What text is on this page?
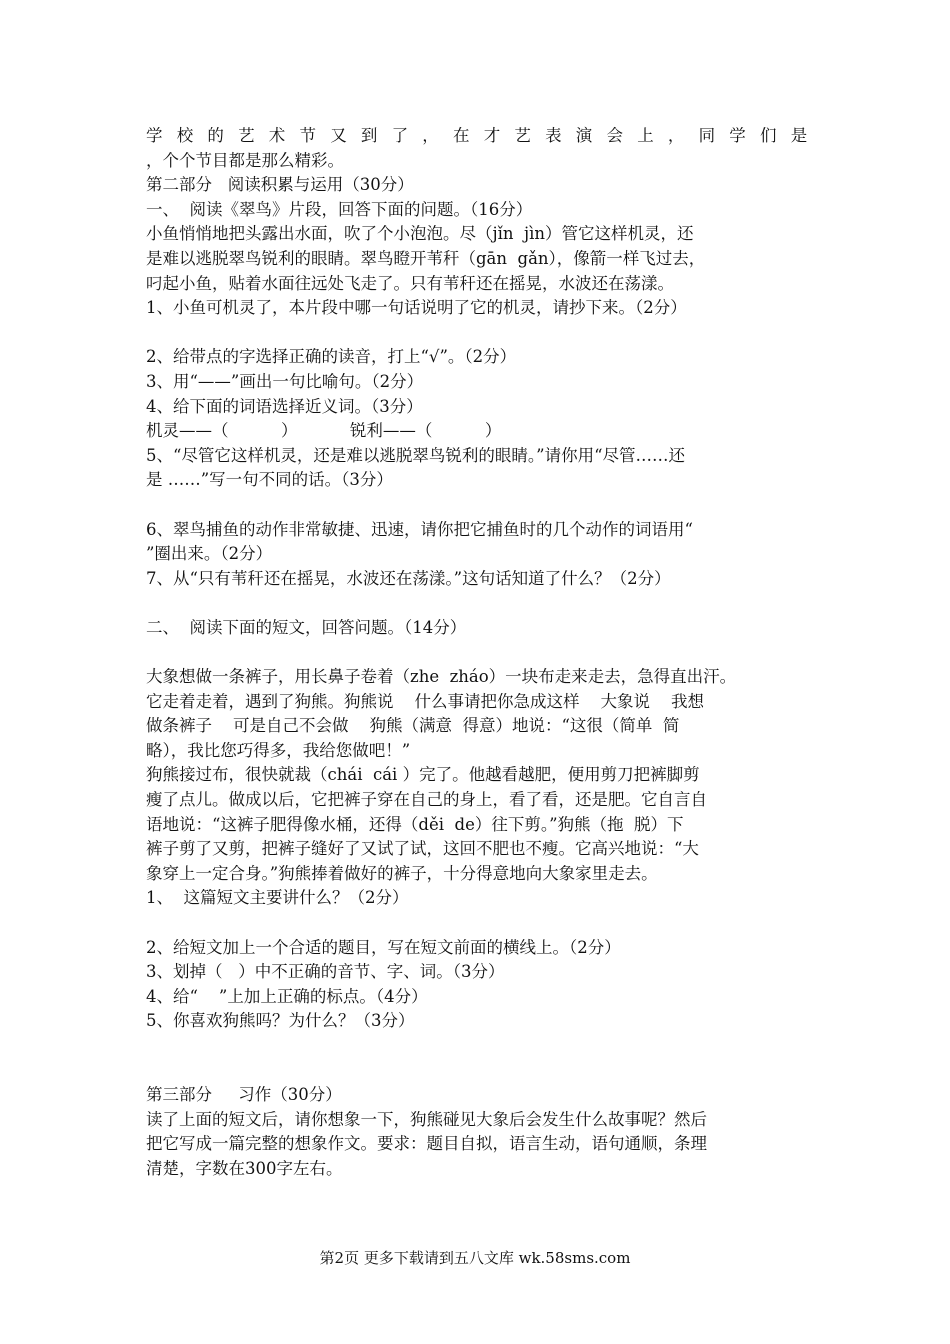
学校的艺术节又到了，在才艺表演会上，同学们是
，个个节目都是那么精彩。
第二部分   阅读积累与运用（30分）
一、  阅读《翠鸟》片段，回答下面的问题。（16分）
小鱼悄悄地把头露出水面，吹了个小泡泡。尽（jǐn  jìn）管它这样机灵，还
是难以逃脱翠鸟锐利的眼睛。翠鸟瞪开苇秆（gān  gǎn），像箭一样飞过去，
叼起小鱼，贴着水面往远处飞走了。只有苇秆还在摇晃，水波还在荡漾。
1、小鱼可机灵了，本片段中哪一句话说明了它的机灵，请抄下来。（2分）
2、给带点的字选择正确的读音，打上“√”。（2分）
3、用“——”画出一句比喻句。（2分）
4、给下面的词语选择近义词。（3分）
机灵——（          ）          锐利——（          ）
5、“尽管它这样机灵，还是难以逃脱翠鸟锐利的眼睛。”请你用“尽管……还
是 ……”写一句不同的话。（3分）
6、翠鸟捕鱼的动作非常敏捷、迅速，请你把它捕鱼时的几个动作的词语用“
”圈出来。（2分）
7、从“只有苇秆还在摇晃，水波还在荡漾。”这句话知道了什么？（2分）
二、  阅读下面的短文，回答问题。（14分）
大象想做一条裤子，用长鼻子卷着（zhe  zháo）一块布走来走去，急得直出汗。
它走着走着，遇到了狗熊。狗熊说    什么事请把你急成这样    大象说    我想
做条裤子    可是自己不会做    狗熊（满意  得意）地说：“这很（简单  简
略），我比您巧得多，我给您做吧！”
狗熊接过布，很快就裁（chái  cái ）完了。他越看越肥，便用剪刀把裤脚剪
瘦了点儿。做成以后，它把裤子穿在自己的身上，看了看，还是肥。它自言自
语地说：“这裤子肥得像水桶，还得（děi  de）往下剪。”狗熊（拖  脱）下
裤子剪了又剪，把裤子缝好了又试了试，这回不肥也不瘦。它高兴地说：“大
象穿上一定合身。”狗熊捧着做好的裤子，十分得意地向大象家里走去。
1、  这篇短文主要讲什么？（2分）
2、给短文加上一个合适的题目，写在短文前面的横线上。（2分）
3、划掉（   ）中不正确的音节、字、词。（3分）
4、给“    ”上加上正确的标点。（4分）
5、你喜欢狗熊吗？为什么？（3分）
第三部分     习作（30分）
读了上面的短文后，请你想象一下，狗熊碰见大象后会发生什么故事呢？然后
把它写成一篇完整的想象作文。要求：题目自拟，语言生动，语句通顺，条理
清楚，字数在300字左右。
第2页 更多下载请到五八文库 wk.58sms.com
